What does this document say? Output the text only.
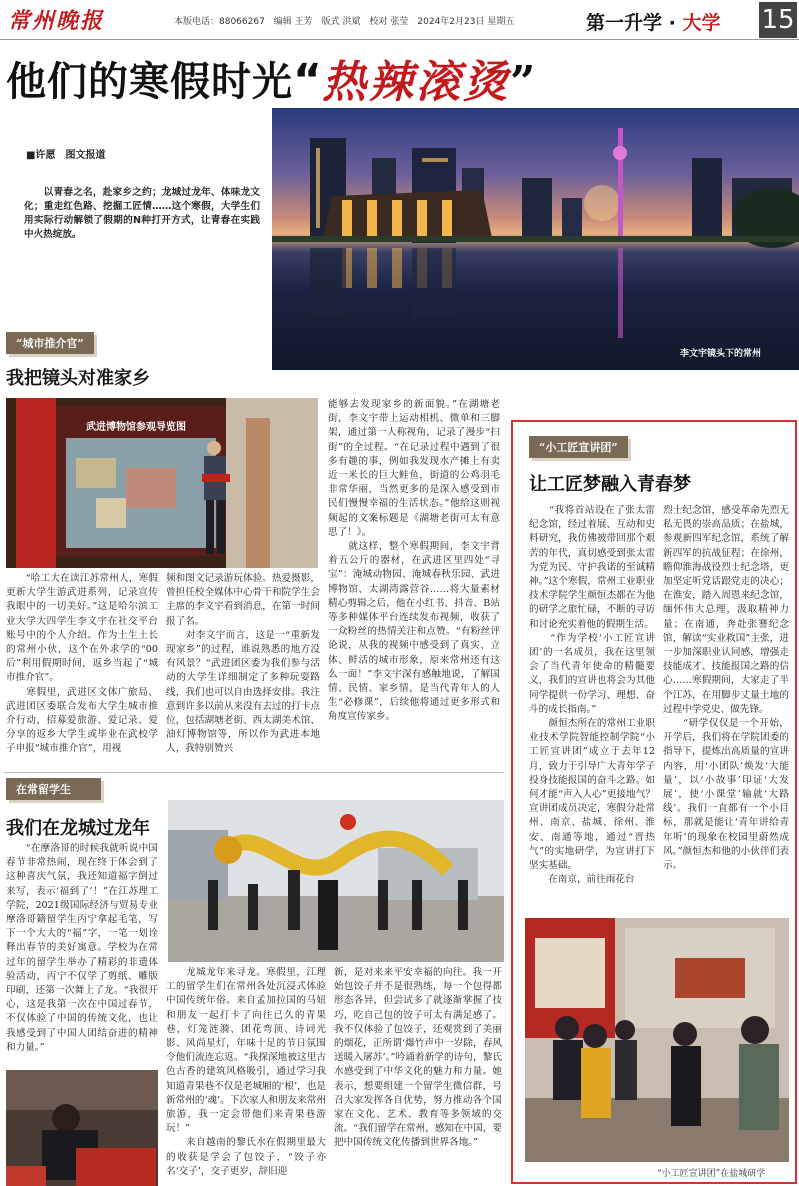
常州晚报	本版电话：88066267　编辑 王芳　版式 洪斌　校对 张莹　2024年2月23日 星期五	第一升学 · 大学 15
他们的寒假时光“ 热辣滚烫”
李文宇镜头下的常州
■许愿　图文报道
　　以青春之名，赴家乡之约；龙城过龙年、体味龙文化；重走红色路、挖掘工匠情……这个寒假，大学生们用实际行动解锁了假期的N种打开方式，让青春在实践中火热绽放。
“城市推介官”
我把镜头对准家乡
武进博物馆参观导览图
　　“哈工大在读江苏常州人，寒假更新大学生游武进系列，记录宣传我眼中的一切美好。”这是哈尔滨工业大学大四学生李文宇在社交平台账号中的个人介绍。作为土生土长的常州小伙，这个在外求学的“00后”利用假期时间，返乡当起了“城市推介官”。
　　寒假里，武进区文体广旅局、武进团区委联合发布大学生城市推介行动，招募爱旅游、爱记录、爱分享的返乡大学生或毕业在武校学子申报“城市推介官”，用视
频和图文记录游玩体验。热爱摄影，曾担任校全媒体中心骨干和院学生会主席的李文宇看到消息，在第一时间报了名。
　　对李文宇而言，这是一“重新发现家乡”的过程，谁说熟悉的地方没有风景？“武进团区委为我们参与活动的大学生详细制定了多种玩耍路线，我们也可以自由选择安排。我注意到许多以前从来没有去过的打卡点位，包括湖塘老街、西太湖美术馆、油灯博物馆等，所以作为武进本地人，我特别赞兴
能够去发现家乡的新面貌。”在湖塘老街，李文宇带上运动相机、微单和三脚架，通过第一人称视角，记录了漫步“扫街”的全过程。“在记录过程中遇到了很多有趣的事，例如我发现水产摊上有卖近一米长的巨大鲑鱼，街道的公鸡羽毛非常华丽，当然更多的是深入感受到市民们慢慢幸福的生活状态。”他给这则视频起的文案标题是《湖塘老街可太有意思了！》。
　　就这样，整个寒假期间，李文宇背着五公斤的器材，在武进区里四处“寻宝”：淹城动物园、淹城春秋乐园、武进博物馆、太湖湾露营谷……将大量素材精心剪辑之后，他在小红书、抖音、B站等多种媒体平台连续发布视频，收获了一众粉丝的热情关注和点赞。“有粉丝评论说，从我的视频中感受到了真实、立体、鲜活的城市形象，原来常州还有这么一面！”李文宇深有感触地说，了解国情、民情、家乡情，是当代青年人的人生“必修课”，后续他将通过更多形式和角度宣传家乡。
在常留学生
我们在龙城过龙年
　　“在摩洛哥的时候我就听说中国春节非常热闹，现在终于体会到了这种喜庆气氛，我还知道福字倒过来写，表示‘福到了’！”在江苏理工学院，2021级国际经济与贸易专业摩洛哥籍留学生丙宁拿起毛笔，写下一个大大的“福”字，一笔一划诠释出春节的美好寓意。学校为在常过年的留学生举办了精彩的非遗体验活动，丙宁不仅学了剪纸、雕版印刷，还第一次舞上了龙。“我很开心，这是我第一次在中国过春节，不仅体验了中国的传统文化，也让我感受到了中国人团结奋进的精神和力量。”
　　龙城龙年来寻龙。寒假里，江理工的留学生们在常州各处沉浸式体验中国传统年俗。来自孟加拉国的马妞和朋友一起打卡了向往已久的青果巷，灯笼涟漪、团花弯顶、诗词光影、风尚星灯，年味十足的节日氛围令他们流连忘返。“我探深地被这里古色古香的建筑风格吸引，通过学习我知道青果巷不仅是老城厢的‘根’，也是新常州的‘魂’。下次家人和朋友来常州旅游，我一定会带他们来青果巷游玩！”
　　来自越南的黎氏水在假期里最大的收获是学会了包饺子，“饺子亦名‘交子’，交子更岁，辞旧迎
新，是对来来平安幸福的向往。我一开始包饺子并不是很熟练，每一个包得都形态各异，但尝试多了就逐渐掌握了技巧，吃自己包的饺子可太有满足感了。我不仅体验了包饺子，还观赏到了美丽的烟花，正所谓‘爆竹声中一岁除，春风送暖入屠苏’。”吟诵着新学的诗句，黎氏水感受到了中华文化的魅力和力量。她表示，想要组建一个留学生微信群，号召大家发挥各自优势，努力推动各个国家在文化、艺术、教育等多领域的交流。“我们留学在常州，感知在中国，要把中国传统文化传播到世界各地。”
“小工匠宣讲团”
让工匠梦融入青春梦
　　“我将首站设在了张太雷纪念馆，经过着展、互动和史料研究，我仿佛被带回那个艰苦的年代，真切感受到张太雷为党为民、守护我诺的至诚精神。”这个寒假，常州工业职业技术学院学生颜恒杰都在为他的研学之旅忙碌，不断的寻访和讨论充实着他的假期生活。
　　“作为学校‘小工匠宣讲团’的一名成员，我在这里领会了当代青年使命的精髓要义，我们的宣讲也将会为其他同学提供一份学习、理想、奋斗的成长指南。”
　　颜恒杰所在的常州工业职业技术学院智能控制学院“小工匠宣讲团”成立于去年12月，致力于引导广大青年学子投身技能报国的奋斗之路。如何才能“声入人心”更接地气？宣讲团成员决定，寒假分赴常州、南京、盐城、徐州、淮安、南通等地，通过“晋热气”的实地研学，为宣讲打下坚实基础。
　　在南京，前往雨花台
烈士纪念馆，感受革命先烈无私无畏的崇高品质；在盐城，参观新四军纪念馆，系统了解新四军的抗战征程；在徐州，瞻仰淮海战役烈士纪念塔，更加坚定听党话跟党走的决心；在淮安，踏入周恩来纪念馆，缅怀伟大总理，汲取精神力量；在南通，奔赴张謇纪念馆，解读“实业救国”主张，进一步加深职业认同感，增强走技能成才、技能报国之路的信心……寒假期间，大家走了半个江苏，在用脚步丈量土地的过程中学党史、做先锋。
　　“研学仅仅是一个开始，开学后，我们将在学院团委的指导下，提炼出高质量的宣讲内容，用‘小团队’焕发‘大能量’，以‘小故事’印证‘大发展’，使‘小课堂’输就‘大路线’。我们一直都有一个小目标，那就是能让‘青年讲给青年听’的现象在校园里蔚然成风。”颜恒杰和他的小伙伴们表示。
“小工匠宣讲团”在盐城研学
